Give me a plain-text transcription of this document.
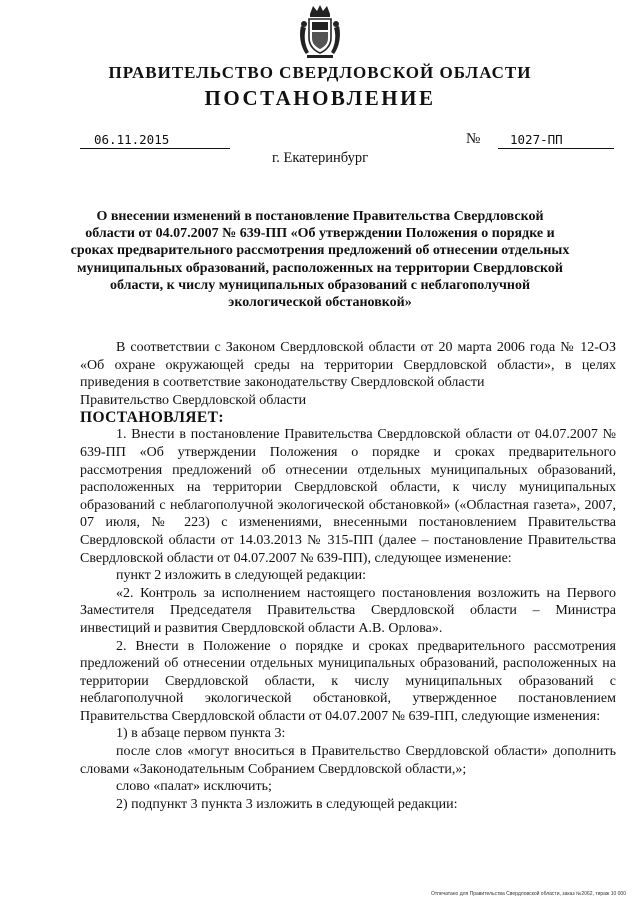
ПРАВИТЕЛЬСТВО СВЕРДЛОВСКОЙ ОБЛАСТИ
ПОСТАНОВЛЕНИЕ
06.11.2015	№	1027-ПП
г. Екатеринбург
О внесении изменений в постановление Правительства Свердловской области от 04.07.2007 № 639-ПП «Об утверждении Положения о порядке и сроках предварительного рассмотрения предложений об отнесении отдельных муниципальных образований, расположенных на территории Свердловской области, к числу муниципальных образований с неблагополучной экологической обстановкой»

В соответствии с Законом Свердловской области от 20 марта 2006 года № 12-ОЗ «Об охране окружающей среды на территории Свердловской области», в целях приведения в соответствие законодательству Свердловской области

Правительство Свердловской области

ПОСТАНОВЛЯЕТ:

1. Внести в постановление Правительства Свердловской области от 04.07.2007 № 639-ПП «Об утверждении Положения о порядке и сроках предварительного рассмотрения предложений об отнесении отдельных муниципальных образований, расположенных на территории Свердловской области, к числу муниципальных образований с неблагополучной экологической обстановкой» («Областная газета», 2007, 07 июля, № 223) с изменениями, внесенными постановлением Правительства Свердловской области от 14.03.2013 № 315-ПП (далее – постановление Правительства Свердловской области от 04.07.2007 № 639-ПП), следующее изменение:

пункт 2 изложить в следующей редакции:

«2. Контроль за исполнением настоящего постановления возложить на Первого Заместителя Председателя Правительства Свердловской области – Министра инвестиций и развития Свердловской области А.В. Орлова».

2. Внести в Положение о порядке и сроках предварительного рассмотрения предложений об отнесении отдельных муниципальных образований, расположенных на территории Свердловской области, к числу муниципальных образований с неблагополучной экологической обстановкой, утвержденное постановлением Правительства Свердловской области от 04.07.2007 № 639-ПП, следующие изменения:

1) в абзаце первом пункта 3:

после слов «могут вноситься в Правительство Свердловской области» дополнить словами «Законодательным Собранием Свердловской области,»;

слово «палат» исключить;

2) подпункт 3 пункта 3 изложить в следующей редакции:

Отпечатано для Правительства Свердловской области, заказ №2062, тираж 10 000
